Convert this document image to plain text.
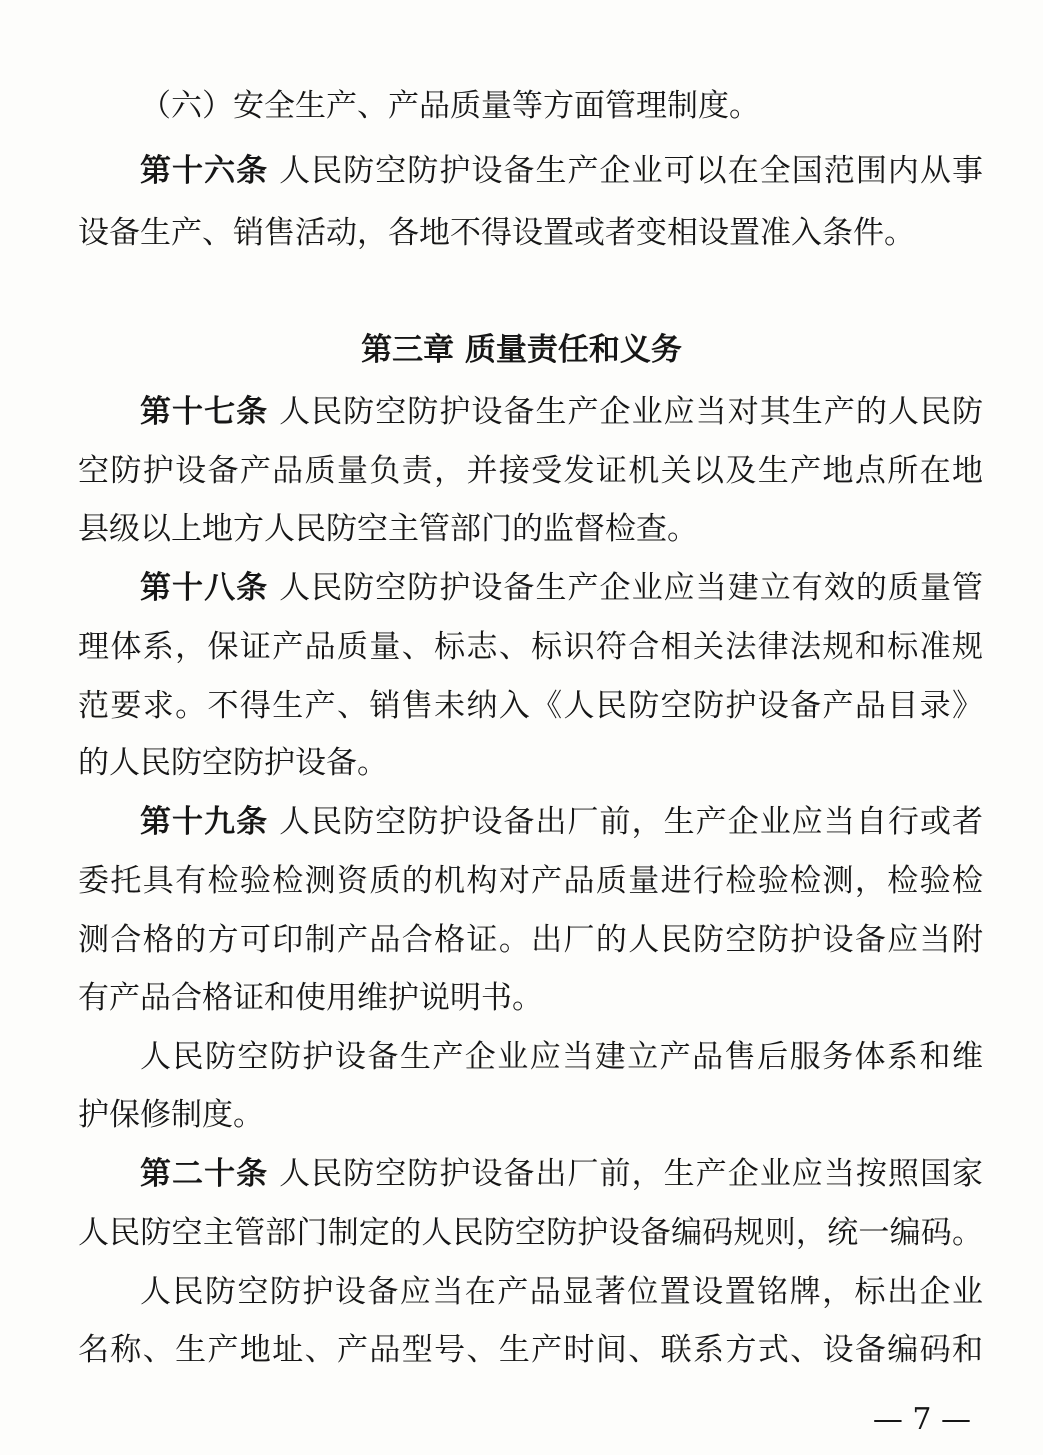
（六）安全生产、产品质量等方面管理制度。
第十六条 人民防空防护设备生产企业可以在全国范围内从事
设备生产、销售活动，各地不得设置或者变相设置准入条件。
第三章 质量责任和义务
第十七条 人民防空防护设备生产企业应当对其生产的人民防
空防护设备产品质量负责，并接受发证机关以及生产地点所在地
县级以上地方人民防空主管部门的监督检查。
第十八条 人民防空防护设备生产企业应当建立有效的质量管
理体系，保证产品质量、标志、标识符合相关法律法规和标准规
范要求。不得生产、销售未纳入《人民防空防护设备产品目录》
的人民防空防护设备。
第十九条 人民防空防护设备出厂前，生产企业应当自行或者
委托具有检验检测资质的机构对产品质量进行检验检测，检验检
测合格的方可印制产品合格证。出厂的人民防空防护设备应当附
有产品合格证和使用维护说明书。
人民防空防护设备生产企业应当建立产品售后服务体系和维
护保修制度。
第二十条 人民防空防护设备出厂前，生产企业应当按照国家
人民防空主管部门制定的人民防空防护设备编码规则，统一编码。
人民防空防护设备应当在产品显著位置设置铭牌，标出企业
名称、生产地址、产品型号、生产时间、联系方式、设备编码和
— 7 —
